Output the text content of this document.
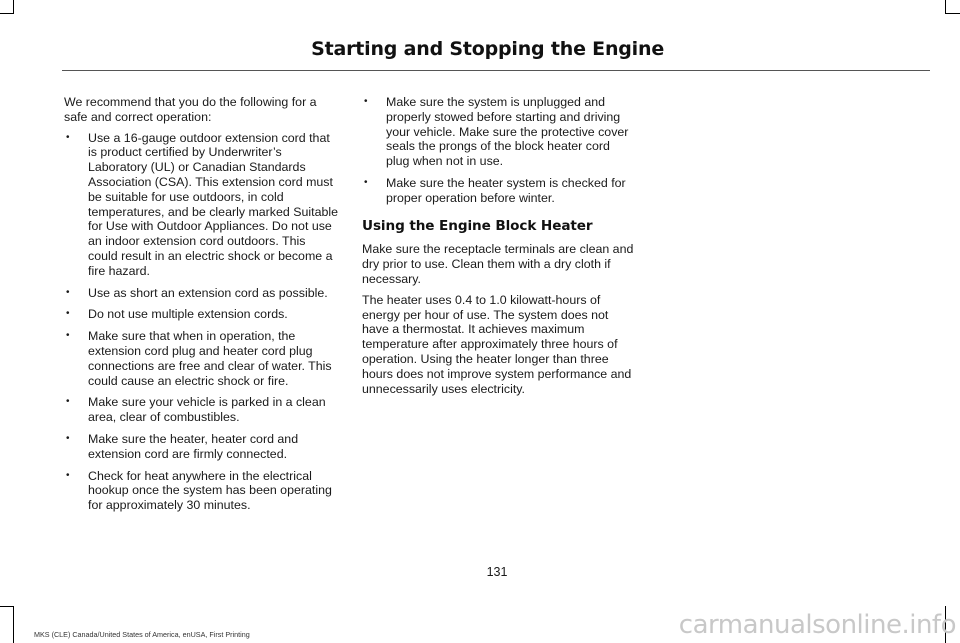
Starting and Stopping the Engine

We recommend that you do the following for a safe and correct operation:

• Use a 16-gauge outdoor extension cord that is product certified by Underwriter’s Laboratory (UL) or Canadian Standards Association (CSA). This extension cord must be suitable for use outdoors, in cold temperatures, and be clearly marked Suitable for Use with Outdoor Appliances. Do not use an indoor extension cord outdoors. This could result in an electric shock or become a fire hazard.
• Use as short an extension cord as possible.
• Do not use multiple extension cords.
• Make sure that when in operation, the extension cord plug and heater cord plug connections are free and clear of water. This could cause an electric shock or fire.
• Make sure your vehicle is parked in a clean area, clear of combustibles.
• Make sure the heater, heater cord and extension cord are firmly connected.
• Check for heat anywhere in the electrical hookup once the system has been operating for approximately 30 minutes.
• Make sure the system is unplugged and properly stowed before starting and driving your vehicle. Make sure the protective cover seals the prongs of the block heater cord plug when not in use.
• Make sure the heater system is checked for proper operation before winter.
Using the Engine Block Heater

Make sure the receptacle terminals are clean and dry prior to use. Clean them with a dry cloth if necessary.

The heater uses 0.4 to 1.0 kilowatt-hours of energy per hour of use. The system does not have a thermostat. It achieves maximum temperature after approximately three hours of operation. Using the heater longer than three hours does not improve system performance and unnecessarily uses electricity.

131
MKS (CLE) Canada/United States of America, enUSA, First Printing	carmanualsonline.info
